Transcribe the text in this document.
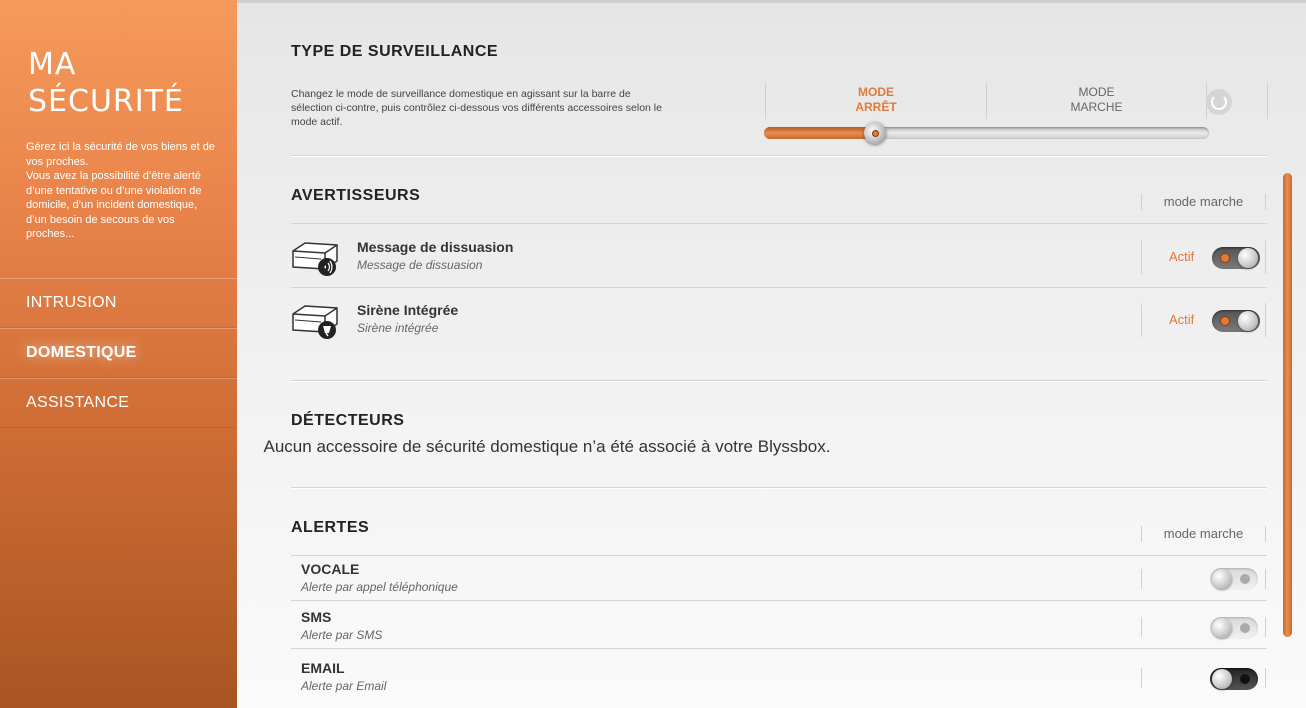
MA
SÉCURITÉ
Gérez ici la sécurité de vos biens et de vos proches.
Vous avez la possibilité d’être alerté d’une tentative ou d’une violation de domicile, d’un incident domestique, d’un besoin de secours de vos proches...
INTRUSION
DOMESTIQUE
ASSISTANCE
TYPE DE SURVEILLANCE
Changez le mode de surveillance domestique en agissant sur la barre de sélection ci-contre, puis contrôlez ci-dessous vos différents accessoires selon le mode actif.
MODE
ARRÊT
MODE
MARCHE
AVERTISSEURS	mode marche
Message de dissuasion
Message de dissuasion
Actif
Sirène Intégrée
Sirène intégrée
Actif
DÉTECTEURS
Aucun accessoire de sécurité domestique n’a été associé à votre Blyssbox.
ALERTES	mode marche
VOCALE
Alerte par appel téléphonique
SMS
Alerte par SMS
EMAIL
Alerte par Email
